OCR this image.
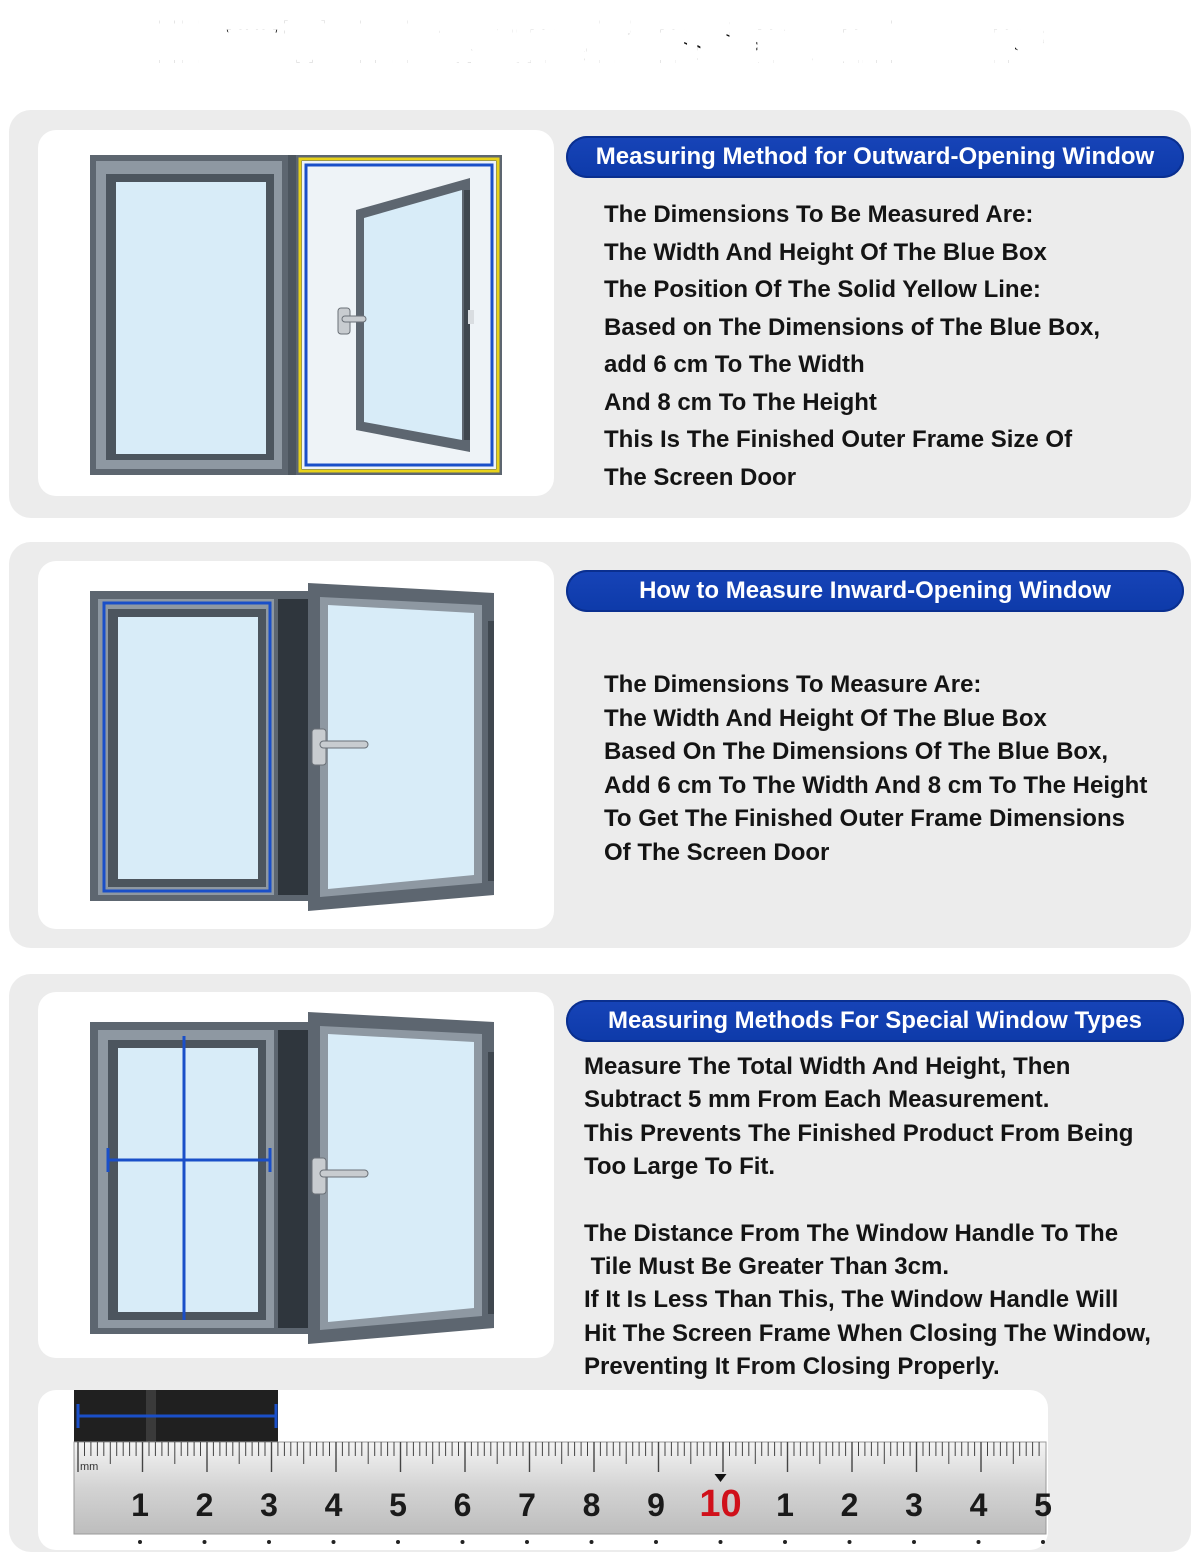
How To Measure For Screen Doors
Measuring Method for Outward-Opening Window
The Dimensions To Be Measured Are:
The Width And Height Of The Blue Box
The Position Of The Solid Yellow Line:
Based on The Dimensions of The Blue Box,
add 6 cm To The Width
And 8 cm To The Height
This Is The Finished Outer Frame Size Of
The Screen Door
How to Measure Inward-Opening Window
The Dimensions To Measure Are:
The Width And Height Of The Blue Box
Based On The Dimensions Of The Blue Box,
Add 6 cm To The Width And 8 cm To The Height
To Get The Finished Outer Frame Dimensions
Of The Screen Door
Measuring Methods For Special Window Types
Measure The Total Width And Height, Then
Subtract 5 mm From Each Measurement.
This Prevents The Finished Product From Being
Too Large To Fit.
The Distance From The Window Handle To The
Tile Must Be Greater Than 3cm.
If It Is Less Than This, The Window Handle Will
Hit The Screen Frame When Closing The Window,
Preventing It From Closing Properly.
mm
1 2 3 4 5 6 7 8 9 10 1 2 3 4 5
